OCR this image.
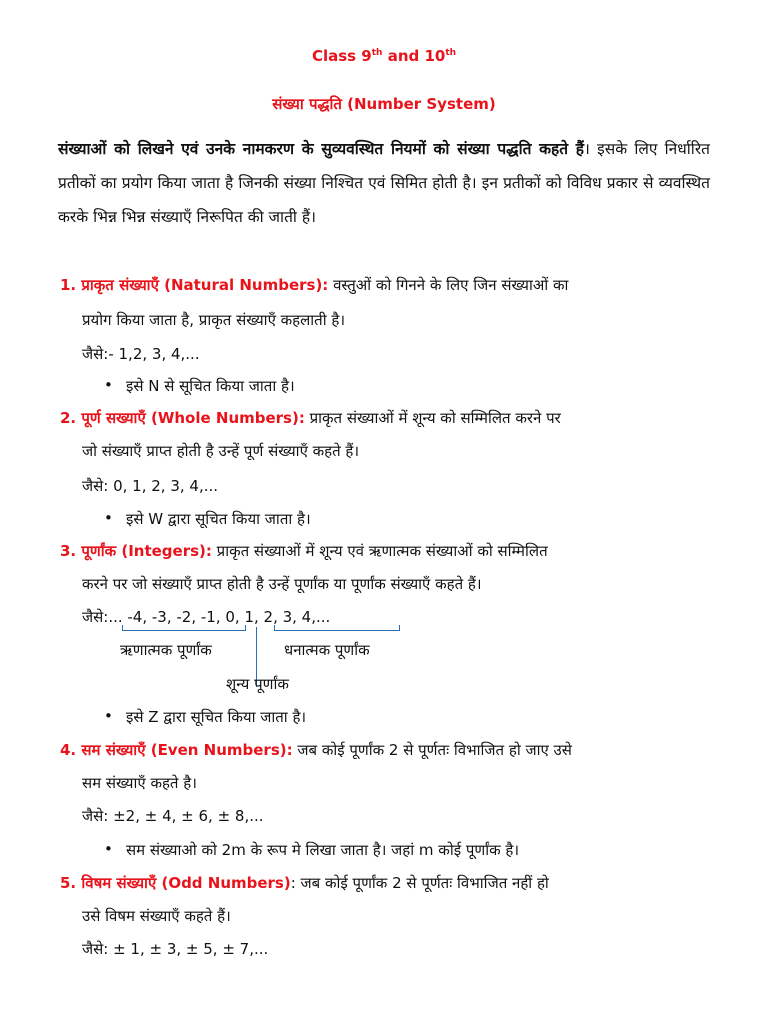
Class 9th and 10th
संख्या पद्धति (Number System)
संख्याओं को लिखने एवं उनके नामकरण के सुव्यवस्थित नियमों को संख्या पद्धति कहते हैं। इसके लिए निर्धारित प्रतीकों का प्रयोग किया जाता है जिनकी संख्या निश्चित एवं सिमित होती है। इन प्रतीकों को विविध प्रकार से व्यवस्थित करके भिन्न भिन्न संख्याएँ निरूपित की जाती हैं।
1. प्राकृत संख्याएँ (Natural Numbers): वस्तुओं को गिनने के लिए जिन संख्याओं का
प्रयोग किया जाता है, प्राकृत संख्याएँ कहलाती है।
जैसे:- 1,2, 3, 4,...
• इसे N से सूचित किया जाता है।
2. पूर्ण सख्याएँ (Whole Numbers): प्राकृत संख्याओं में शून्य को सम्मिलित करने पर
जो संख्याएँ प्राप्त होती है उन्हें पूर्ण संख्याएँ कहते हैं।
जैसे: 0, 1, 2, 3, 4,...
• इसे W द्वारा सूचित किया जाता है।
3. पूर्णांक (Integers): प्राकृत संख्याओं में शून्य एवं ऋणात्मक संख्याओं को सम्मिलित
करने पर जो संख्याएँ प्राप्त होती है उन्हें पूर्णांक या पूर्णांक संख्याएँ कहते हैं।
जैसे:... -4, -3, -2, -1, 0, 1, 2, 3, 4,...
ऋणात्मक पूर्णांक	धनात्मक पूर्णांक
शून्य पूर्णांक
• इसे Z द्वारा सूचित किया जाता है।
4. सम संख्याएँ (Even Numbers): जब कोई पूर्णांक 2 से पूर्णतः विभाजित हो जाए उसे
सम संख्याएँ कहते है।
जैसे: ±2, ± 4, ± 6, ± 8,...
• सम संख्याओ को 2m के रूप मे लिखा जाता है। जहां m कोई पूर्णांक है।
5. विषम संख्याएँ (Odd Numbers): जब कोई पूर्णांक 2 से पूर्णतः विभाजित नहीं हो
उसे विषम संख्याएँ कहते हैं।
जैसे: ± 1, ± 3, ± 5, ± 7,...
